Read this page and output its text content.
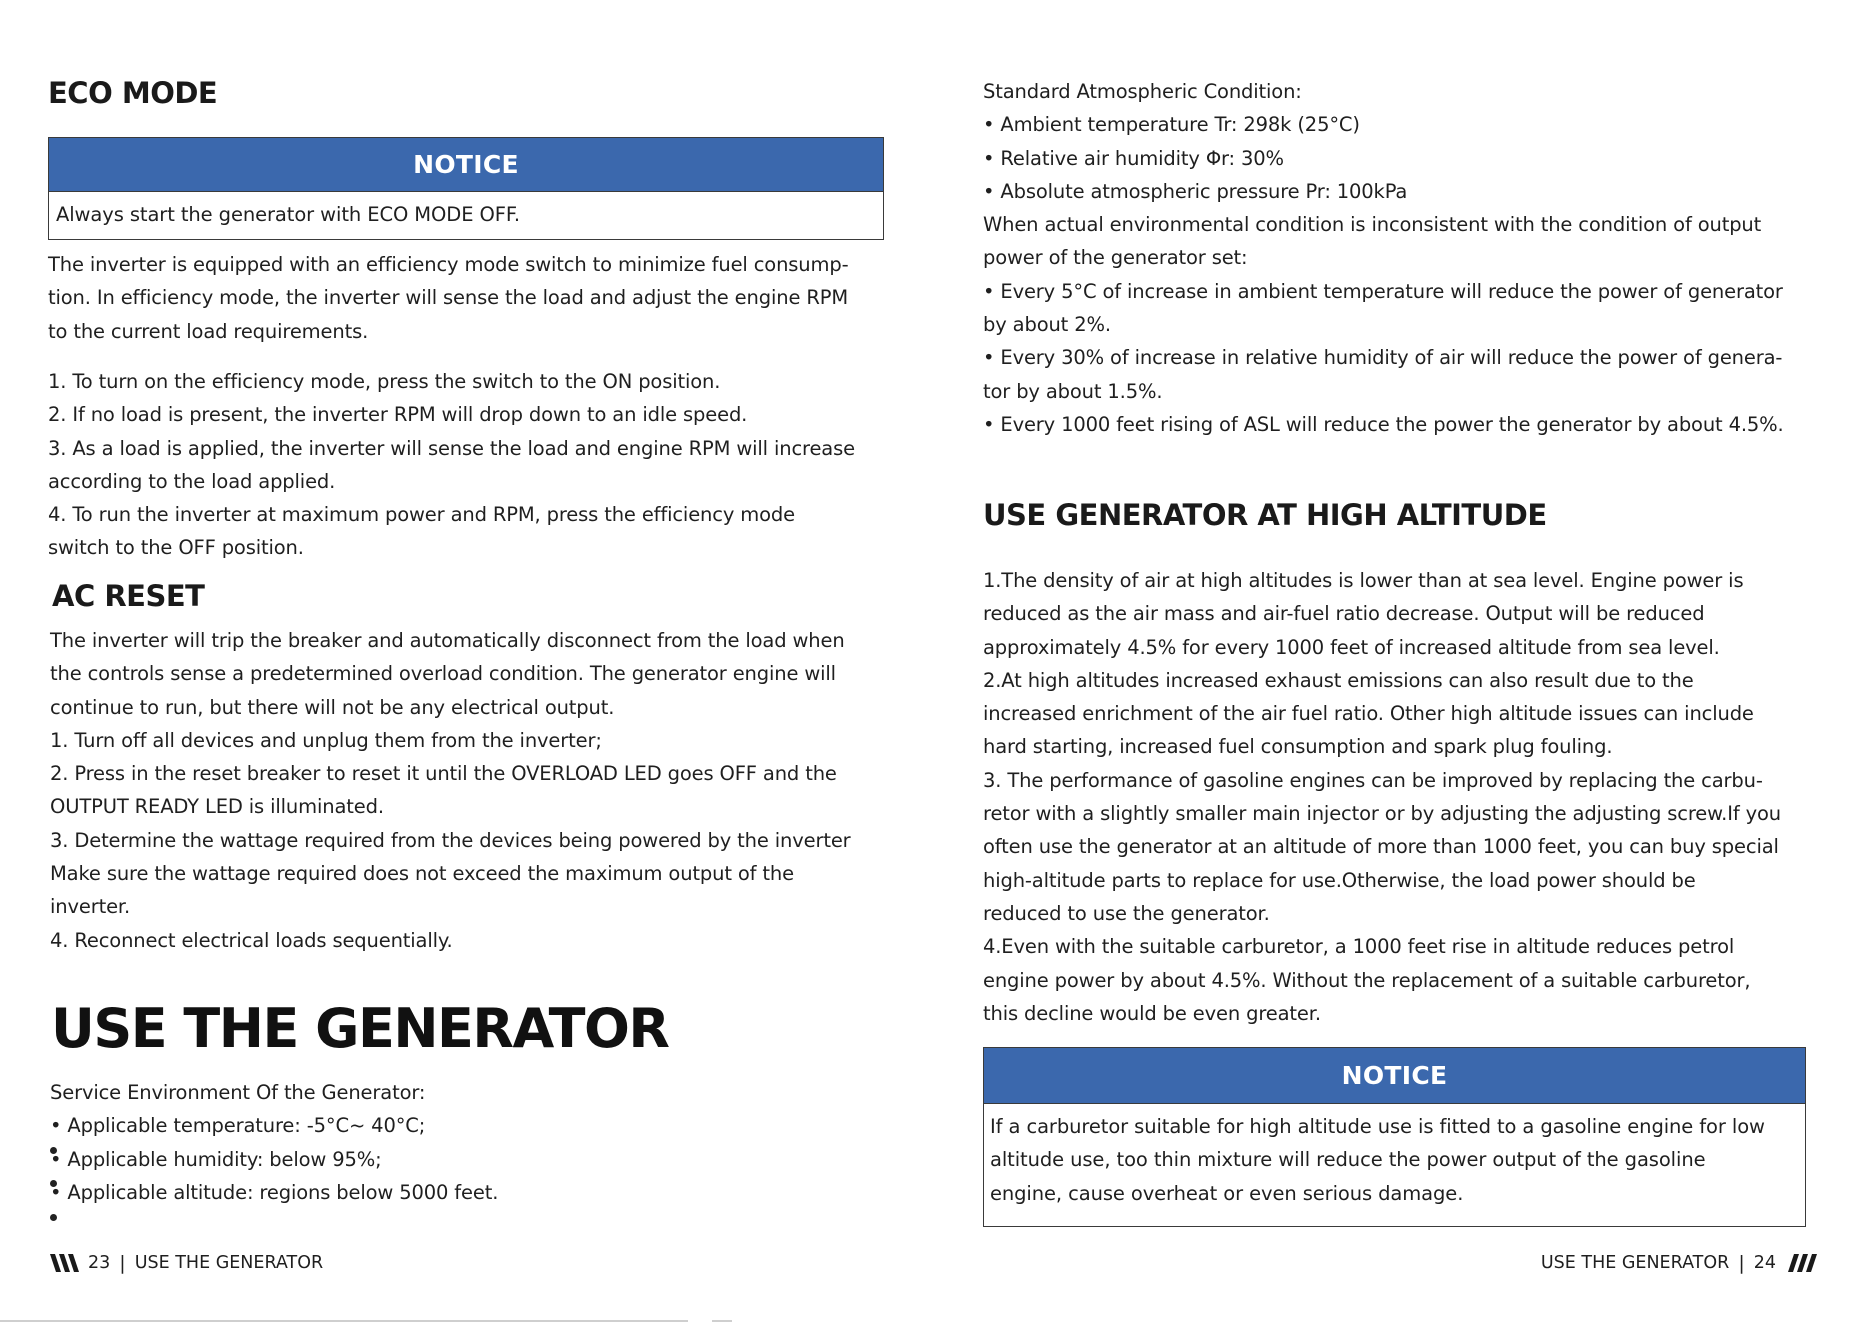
ECO MODE
NOTICE
Always start the generator with ECO MODE OFF.

The inverter is equipped with an efficiency mode switch to minimize fuel consump-

tion. In efficiency mode, the inverter will sense the load and adjust the engine RPM

to the current load requirements.

1. To turn on the efficiency mode, press the switch to the ON position.

2. If no load is present, the inverter RPM will drop down to an idle speed.

3. As a load is applied, the inverter will sense the load and engine RPM will increase

according to the load applied.

4. To run the inverter at maximum power and RPM, press the efficiency mode

switch to the OFF position.

AC RESET

The inverter will trip the breaker and automatically disconnect from the load when

the controls sense a predetermined overload condition. The generator engine will

continue to run, but there will not be any electrical output.

1. Turn off all devices and unplug them from the inverter;

2. Press in the reset breaker to reset it until the OVERLOAD LED goes OFF and the

OUTPUT READY LED is illuminated.

3. Determine the wattage required from the devices being powered by the inverter

Make sure the wattage required does not exceed the maximum output of the

inverter.

4. Reconnect electrical loads sequentially.

USE THE GENERATOR

Service Environment Of the Generator:

• Applicable temperature: -5°C~ 40°C;

• Applicable humidity: below 95%;

• Applicable altitude: regions below 5000 feet.

23 | USE THE GENERATOR

Standard Atmospheric Condition:

• Ambient temperature Tr: 298k (25°C)

• Relative air humidity Φr: 30%

• Absolute atmospheric pressure Pr: 100kPa

When actual environmental condition is inconsistent with the condition of output

power of the generator set:

• Every 5°C of increase in ambient temperature will reduce the power of generator

by about 2%.

• Every 30% of increase in relative humidity of air will reduce the power of genera-

tor by about 1.5%.

• Every 1000 feet rising of ASL will reduce the power the generator by about 4.5%.

USE GENERATOR AT HIGH ALTITUDE

1.The density of air at high altitudes is lower than at sea level. Engine power is

reduced as the air mass and air-fuel ratio decrease. Output will be reduced

approximately 4.5% for every 1000 feet of increased altitude from sea level.

2.At high altitudes increased exhaust emissions can also result due to the

increased enrichment of the air fuel ratio. Other high altitude issues can include

hard starting, increased fuel consumption and spark plug fouling.

3. The performance of gasoline engines can be improved by replacing the carbu-

retor with a slightly smaller main injector or by adjusting the adjusting screw.If you

often use the generator at an altitude of more than 1000 feet, you can buy special

high-altitude parts to replace for use.Otherwise, the load power should be

reduced to use the generator.

4.Even with the suitable carburetor, a 1000 feet rise in altitude reduces petrol

engine power by about 4.5%. Without the replacement of a suitable carburetor,

this decline would be even greater.

NOTICE
If a carburetor suitable for high altitude use is fitted to a gasoline engine for low
altitude use, too thin mixture will reduce the power output of the gasoline
engine, cause overheat or even serious damage.
USE THE GENERATOR | 24
